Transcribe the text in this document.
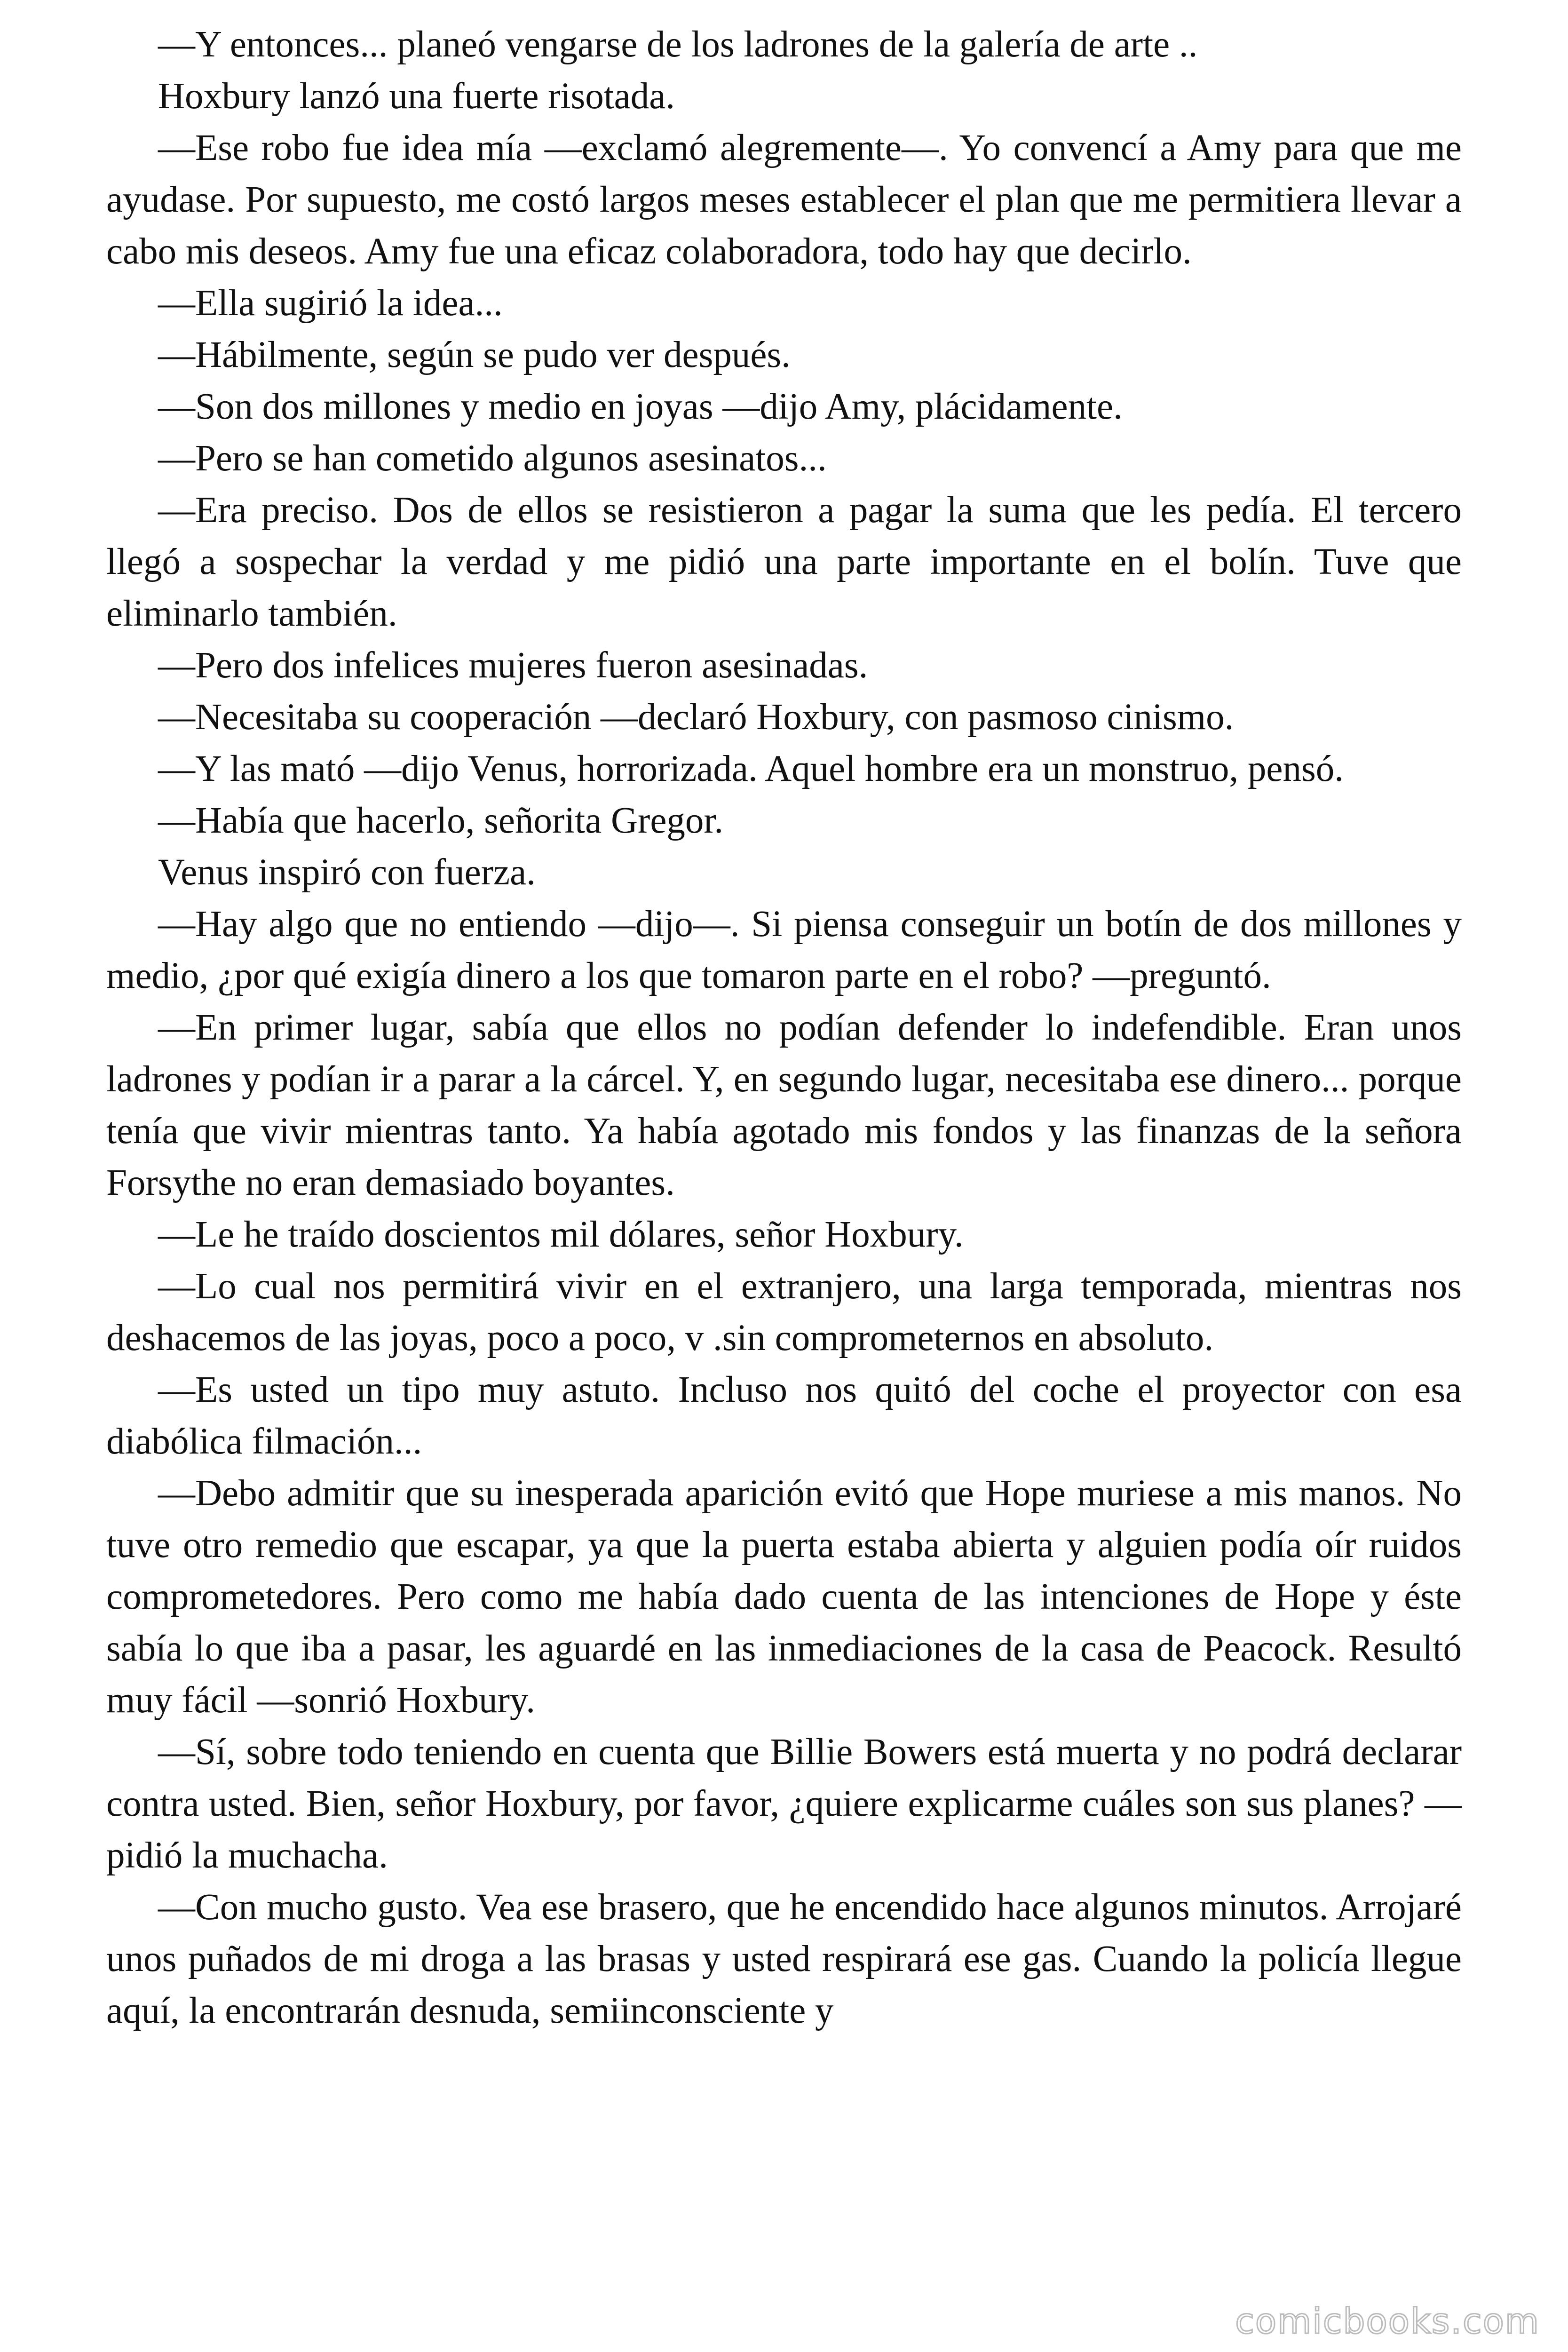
—Y entonces... planeó vengarse de los ladrones de la galería de arte ..

Hoxbury lanzó una fuerte risotada.

—Ese robo fue idea mía —exclamó alegremente—. Yo convencí a Amy para que me ayudase. Por supuesto, me costó largos meses establecer el plan que me permitiera llevar a cabo mis deseos. Amy fue una eficaz colaboradora, todo hay que decirlo.

—Ella sugirió la idea...

—Hábilmente, según se pudo ver después.

—Son dos millones y medio en joyas —dijo Amy, plácidamente.

—Pero se han cometido algunos asesinatos...

—Era preciso. Dos de ellos se resistieron a pagar la suma que les pedía. El tercero llegó a sospechar la verdad y me pidió una parte importante en el bolín. Tuve que eliminarlo también.

—Pero dos infelices mujeres fueron asesinadas.

—Necesitaba su cooperación —declaró Hoxbury, con pasmoso cinismo.

—Y las mató —dijo Venus, horrorizada. Aquel hombre era un monstruo, pensó.

—Había que hacerlo, señorita Gregor.

Venus inspiró con fuerza.

—Hay algo que no entiendo —dijo—. Si piensa conseguir un botín de dos millones y medio, ¿por qué exigía dinero a los que tomaron parte en el robo? —preguntó.

—En primer lugar, sabía que ellos no podían defender lo indefendible. Eran unos ladrones y podían ir a parar a la cárcel. Y, en segundo lugar, necesitaba ese dinero... porque tenía que vivir mientras tanto. Ya había agotado mis fondos y las finanzas de la señora Forsythe no eran demasiado boyantes.

—Le he traído doscientos mil dólares, señor Hoxbury.

—Lo cual nos permitirá vivir en el extranjero, una larga temporada, mientras nos deshacemos de las joyas, poco a poco, v .sin comprometernos en absoluto.

—Es usted un tipo muy astuto. Incluso nos quitó del coche el proyector con esa diabólica filmación...

—Debo admitir que su inesperada aparición evitó que Hope muriese a mis manos. No tuve otro remedio que escapar, ya que la puerta estaba abierta y alguien podía oír ruidos comprometedores. Pero como me había dado cuenta de las intenciones de Hope y éste sabía lo que iba a pasar, les aguardé en las inmediaciones de la casa de Peacock. Resultó muy fácil —sonrió Hoxbury.

—Sí, sobre todo teniendo en cuenta que Billie Bowers está muerta y no podrá declarar contra usted. Bien, señor Hoxbury, por favor, ¿quiere explicarme cuáles son sus planes? —pidió la muchacha.

—Con mucho gusto. Vea ese brasero, que he encendido hace algunos minutos. Arrojaré unos puñados de mi droga a las brasas y usted respirará ese gas. Cuando la policía llegue aquí, la encontrarán desnuda, semiinconsciente y

comicbooks.com
